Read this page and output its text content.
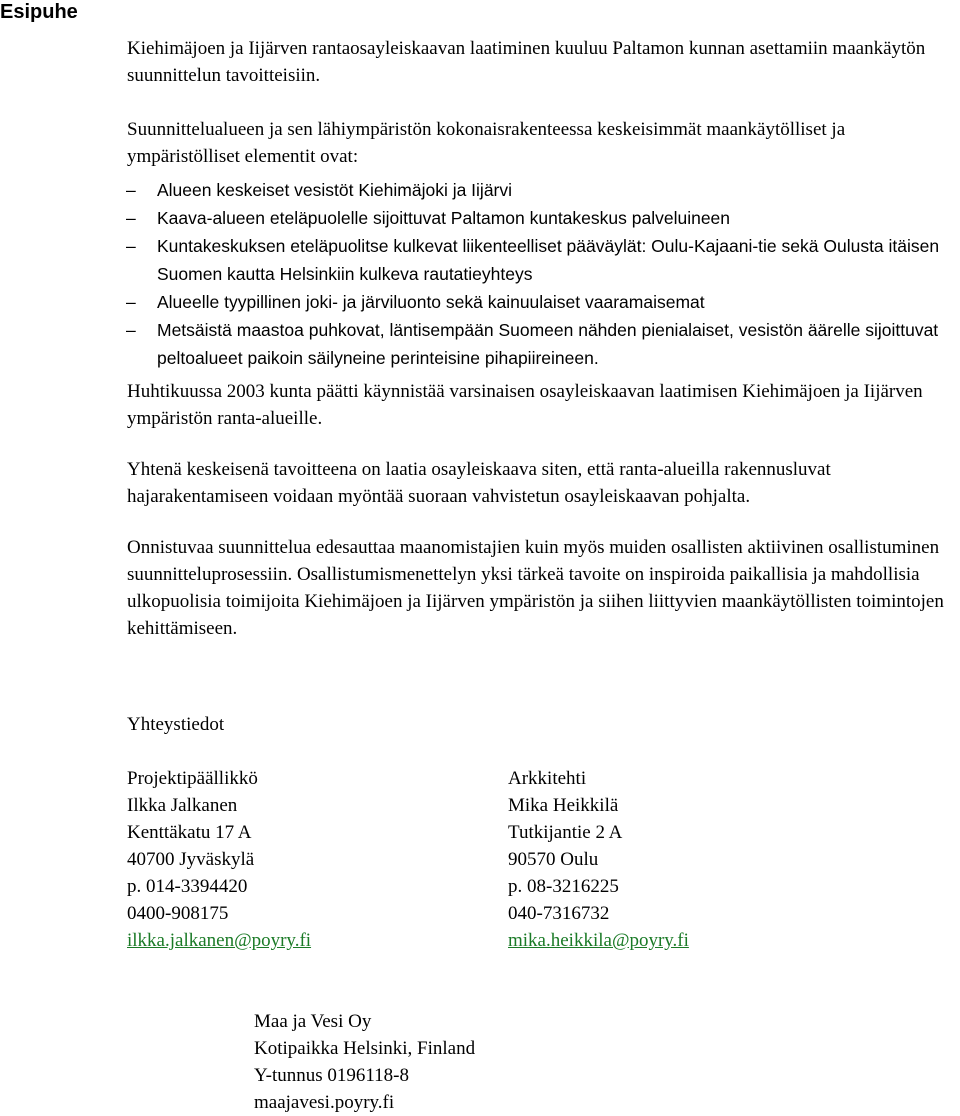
Esipuhe

Kiehimäjoen ja Iijärven rantaosayleiskaavan laatiminen kuuluu Paltamon kunnan asettamiin maankäytön suunnittelun tavoitteisiin.

Suunnittelualueen ja sen lähiympäristön kokonaisrakenteessa keskeisimmät maankäytölliset ja ympäristölliset elementit ovat:

– Alueen keskeiset vesistöt Kiehimäjoki ja Iijärvi
– Kaava-alueen eteläpuolelle sijoittuvat Paltamon kuntakeskus palveluineen
– Kuntakeskuksen eteläpuolitse kulkevat liikenteelliset pääväylät: Oulu-Kajaani-tie sekä Oulusta itäisen Suomen kautta Helsinkiin kulkeva rautatieyhteys
– Alueelle tyypillinen joki- ja järviluonto sekä kainuulaiset vaaramaisemat
– Metsäistä maastoa puhkovat, läntisempään Suomeen nähden pienialaiset, vesistön äärelle sijoittuvat peltoalueet paikoin säilyneine perinteisine pihapiireineen.

Huhtikuussa 2003 kunta päätti käynnistää varsinaisen osayleiskaavan laatimisen Kiehimäjoen ja Iijärven ympäristön ranta-alueille.

Yhtenä keskeisenä tavoitteena on laatia osayleiskaava siten, että ranta-alueilla rakennusluvat hajarakentamiseen voidaan myöntää suoraan vahvistetun osayleiskaavan pohjalta.

Onnistuvaa suunnittelua edesauttaa maanomistajien kuin myös muiden osallisten aktiivinen osallistuminen suunnitteluprosessiin. Osallistumismenettelyn yksi tärkeä tavoite on inspiroida paikallisia ja mahdollisia ulkopuolisia toimijoita Kiehimäjoen ja Iijärven ympäristön ja siihen liittyvien maankäytöllisten toimintojen kehittämiseen.

Yhteystiedot
Projektipäällikkö
Ilkka Jalkanen
Kenttäkatu 17 A
40700 Jyväskylä
p. 014-3394420
0400-908175
ilkka.jalkanen@poyry.fi
Arkkitehti
Mika Heikkilä
Tutkijantie 2 A
90570 Oulu
p. 08-3216225
040-7316732
mika.heikkila@poyry.fi
Maa ja Vesi Oy
Kotipaikka Helsinki, Finland
Y-tunnus 0196118-8
maajavesi.poyry.fi
